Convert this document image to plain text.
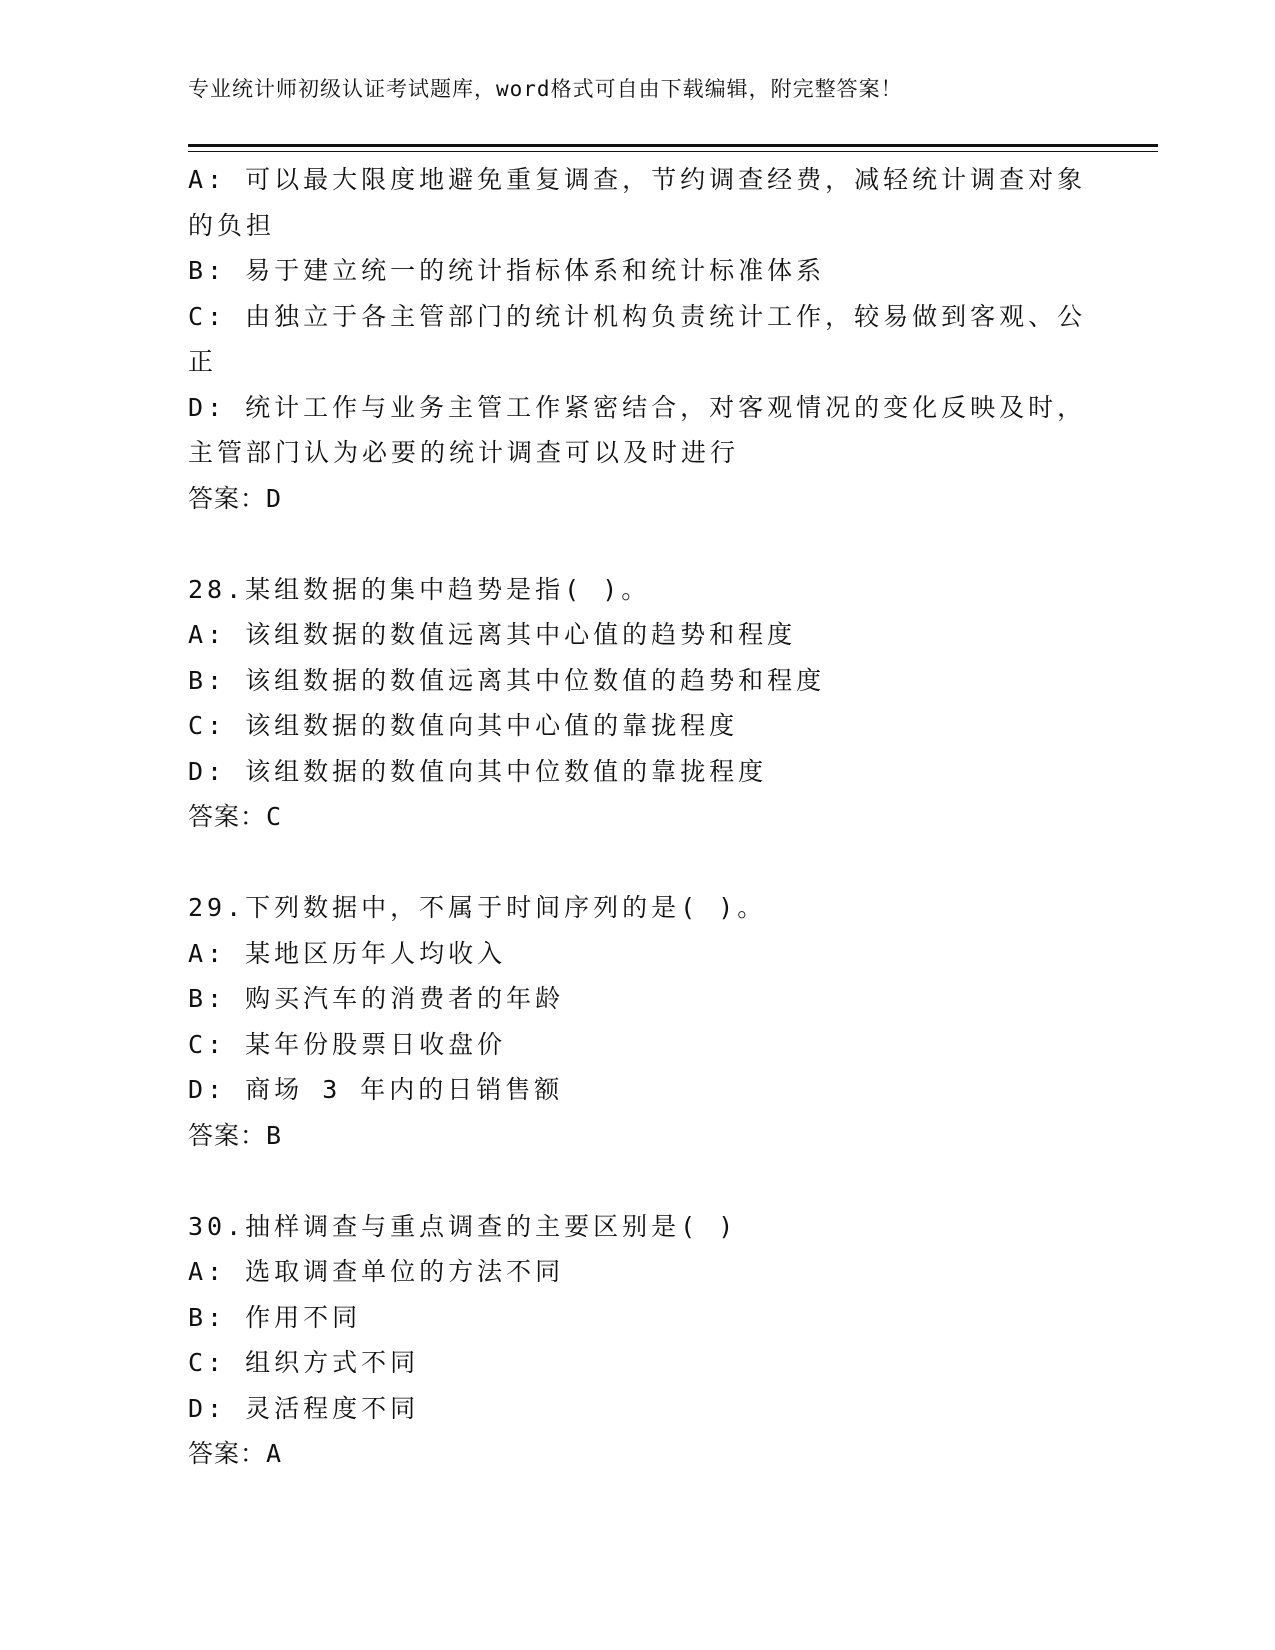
专业统计师初级认证考试题库，word格式可自由下载编辑，附完整答案！
A: 可以最大限度地避免重复调查，节约调查经费，减轻统计调查对象
的负担
B: 易于建立统一的统计指标体系和统计标准体系
C: 由独立于各主管部门的统计机构负责统计工作，较易做到客观、公
正
D: 统计工作与业务主管工作紧密结合，对客观情况的变化反映及时，
主管部门认为必要的统计调查可以及时进行
答案：D
28.某组数据的集中趋势是指( )。
A: 该组数据的数值远离其中心值的趋势和程度
B: 该组数据的数值远离其中位数值的趋势和程度
C: 该组数据的数值向其中心值的靠拢程度
D: 该组数据的数值向其中位数值的靠拢程度
答案：C
29.下列数据中，不属于时间序列的是( )。
A: 某地区历年人均收入
B: 购买汽车的消费者的年龄
C: 某年份股票日收盘价
D: 商场 3 年内的日销售额
答案：B
30.抽样调查与重点调查的主要区别是( )
A: 选取调查单位的方法不同
B: 作用不同
C: 组织方式不同
D: 灵活程度不同
答案：A
